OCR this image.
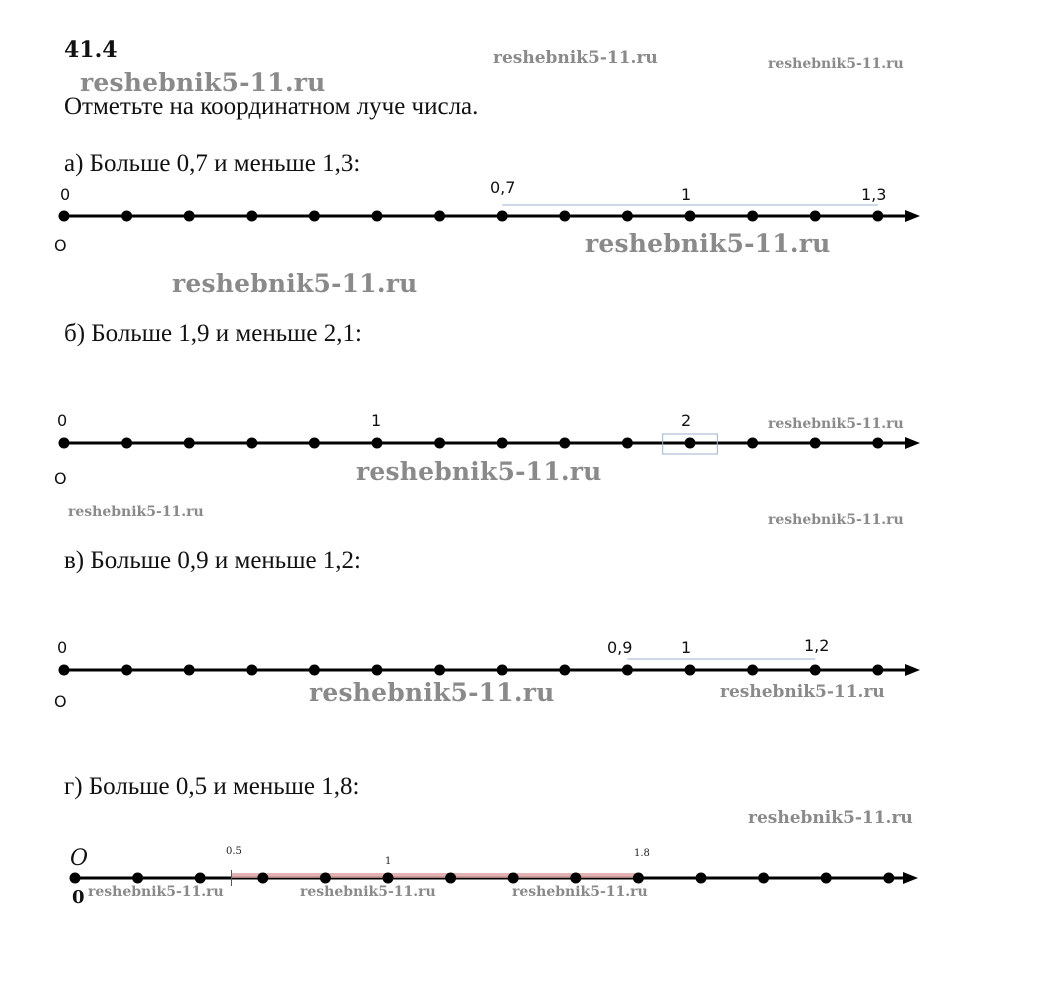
41.4
Отметьте на координатном луче числа.
reshebnik5-11.ru
reshebnik5-11.ru	reshebnik5-11.ru
reshebnik5-11.ru
reshebnik5-11.ru
reshebnik5-11.ru
reshebnik5-11.ru
reshebnik5-11.ru	reshebnik5-11.ru
reshebnik5-11.ru	reshebnik5-11.ru
reshebnik5-11.ru
reshebnik5-11.ru	reshebnik5-11.ru	reshebnik5-11.ru
а) Больше 0,7 и меньше 1,3:
б) Больше 1,9 и меньше 2,1:
в) Больше 0,9 и меньше 1,2:
г) Больше 0,5 и меньше 1,8:
0	0,7	1	1,3
O
0	1	2
O
0	0,9	1	1,2
O
O
0
0.5
1
1.8
